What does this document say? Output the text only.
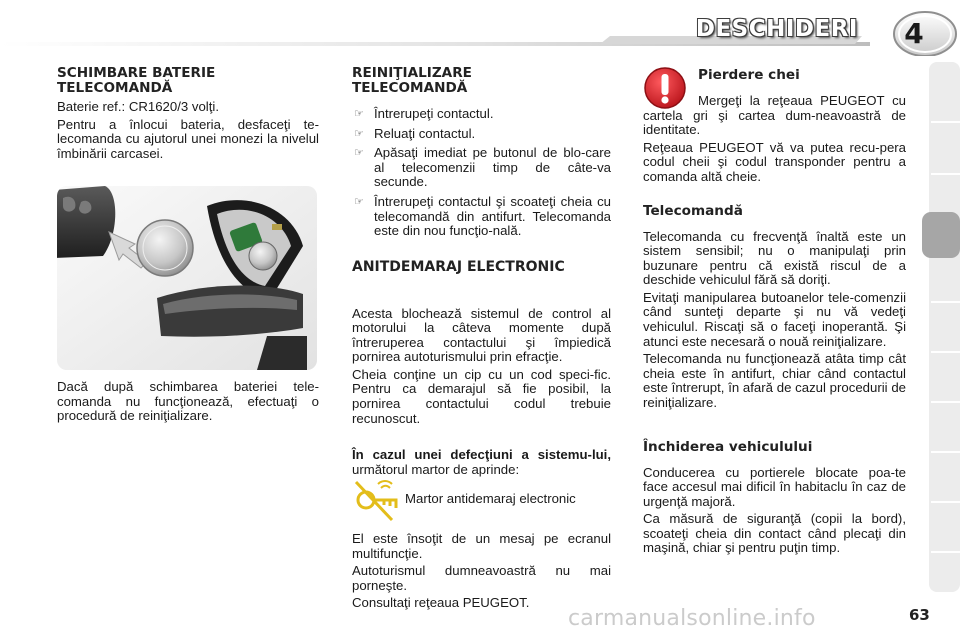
DESCHIDERI	4
SCHIMBARE BATERIE TELECOMANDĂ

Baterie ref.: CR1620/3 volţi.

Pentru a înlocui bateria, desfaceţi te-lecomanda cu ajutorul unei monezi la nivelul îmbinării carcasei.

Dacă după schimbarea bateriei tele-comanda nu funcţionează, efectuaţi o procedură de reiniţializare.

REINIŢIALIZARE TELECOMANDĂ
☞ Întrerupeţi contactul.
☞ Reluaţi contactul.
☞ Apăsaţi imediat pe butonul de blo-care al telecomenzii timp de câte-va secunde.
☞ Întrerupeţi contactul şi scoateţi cheia cu telecomandă din antifurt. Telecomanda este din nou funcţio-nală.
ANITDEMARAJ ELECTRONIC

Acesta blochează sistemul de control al motorului la câteva momente după întreruperea contactului şi împiedică pornirea autoturismului prin efracţie.

Cheia conţine un cip cu un cod speci-fic. Pentru ca demarajul să fie posibil, la pornirea contactului codul trebuie recunoscut.

În cazul unei defecţiuni a sistemu-lui, următorul martor de aprinde:

Martor antidemaraj electronic

El este însoţit de un mesaj pe ecranul multifuncţie.

Autoturismul dumneavoastră nu mai porneşte.

Consultaţi reţeaua PEUGEOT.

Pierdere chei

Mergeţi la reţeaua PEUGEOT cu cartela gri şi cartea dum-neavoastră de identitate.

Reţeaua PEUGEOT vă va putea recu-pera codul cheii şi codul transponder pentru a comanda altă cheie.

Telecomandă

Telecomanda cu frecvenţă înaltă este un sistem sensibil; nu o manipulaţi prin buzunare pentru că există riscul de a deschide vehiculul fără să doriţi.

Evitaţi manipularea butoanelor tele-comenzii când sunteţi departe şi nu vă vedeţi vehiculul. Riscaţi să o faceţi inoperantă. Şi atunci este necesară o nouă reiniţializare.

Telecomanda nu funcţionează atâta timp cât cheia este în antifurt, chiar când contactul este întrerupt, în afară de cazul procedurii de reiniţializare.

Închiderea vehiculului

Conducerea cu portierele blocate poa-te face accesul mai dificil în habitaclu în caz de urgenţă majoră.

Ca măsură de siguranţă (copii la bord), scoateţi cheia din contact când plecaţi din maşină, chiar şi pentru puţin timp.

carmanualsonline.info	63
